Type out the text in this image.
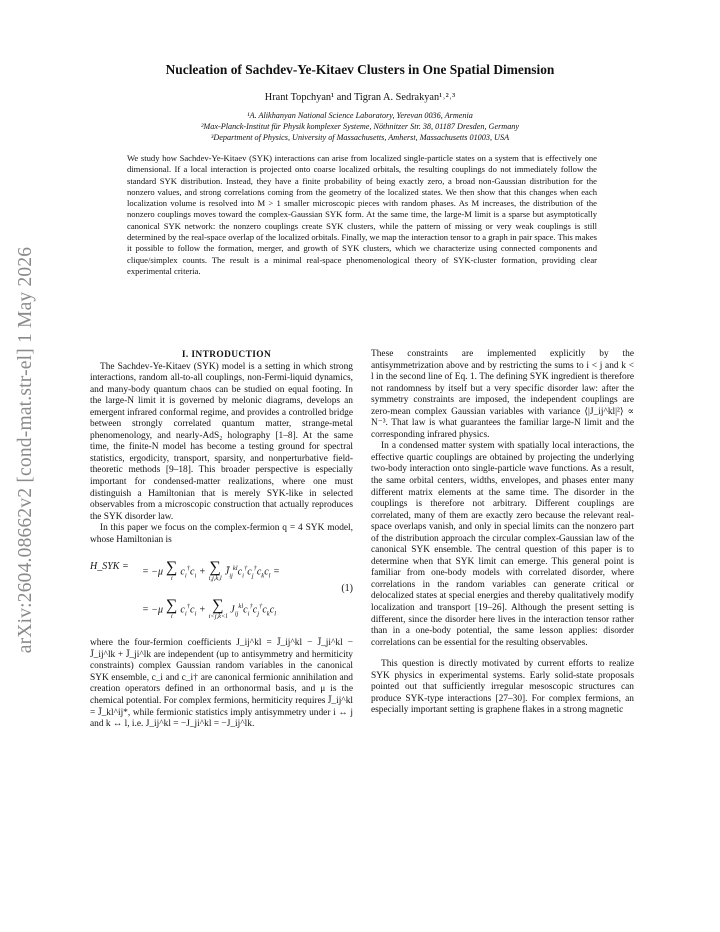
arXiv:2604.08662v2 [cond-mat.str-el] 1 May 2026
Nucleation of Sachdev-Ye-Kitaev Clusters in One Spatial Dimension
Hrant Topchyan¹ and Tigran A. Sedrakyan¹˒²˒³
¹A. Alikhanyan National Science Laboratory, Yerevan 0036, Armenia
²Max-Planck-Institut für Physik komplexer Systeme, Nöthnitzer Str. 38, 01187 Dresden, Germany
³Department of Physics, University of Massachusetts, Amherst, Massachusetts 01003, USA
We study how Sachdev-Ye-Kitaev (SYK) interactions can arise from localized single-particle states on a system that is effectively one dimensional. If a local interaction is projected onto coarse localized orbitals, the resulting couplings do not immediately follow the standard SYK distribution. Instead, they have a finite probability of being exactly zero, a broad non-Gaussian distribution for the nonzero values, and strong correlations coming from the geometry of the localized states. We then show that this changes when each localization volume is resolved into M > 1 smaller microscopic pieces with random phases. As M increases, the distribution of the nonzero couplings moves toward the complex-Gaussian SYK form. At the same time, the large-M limit is a sparse but asymptotically canonical SYK network: the nonzero couplings create SYK clusters, while the pattern of missing or very weak couplings is still determined by the real-space overlap of the localized orbitals. Finally, we map the interaction tensor to a graph in pair space. This makes it possible to follow the formation, merger, and growth of SYK clusters, which we characterize using connected components and clique/simplex counts. The result is a minimal real-space phenomenological theory of SYK-cluster formation, providing clear experimental criteria.

I. INTRODUCTION

The Sachdev-Ye-Kitaev (SYK) model is a setting in which strong interactions, random all-to-all couplings, non-Fermi-liquid dynamics, and many-body quantum chaos can be studied on equal footing. In the large-N limit it is governed by melonic diagrams, develops an emergent infrared conformal regime, and provides a controlled bridge between strongly correlated quantum matter, strange-metal phenomenology, and nearly-AdS₂ holography [1–8]. At the same time, the finite-N model has become a testing ground for spectral statistics, ergodicity, transport, sparsity, and nonperturbative field-theoretic methods [9–18]. This broader perspective is especially important for condensed-matter realizations, where one must distinguish a Hamiltonian that is merely SYK-like in selected observables from a microscopic construction that actually reproduces the SYK disorder law.

In this paper we focus on the complex-fermion q = 4 SYK model, whose Hamiltonian is

H_SYK = = −μ ∑
i
$c_i^\dagger c_i$ + ∑
i,j,k,l
$J̄_{ij}^{kl}c_i^\dagger c_j^\dagger c_kc_l$ =
= −μ ∑
i
$c_i^\dagger c_i$ + ∑
i<j,k<l
$J_{ij}^{kl}c_i^\dagger c_j^\dagger c_kc_l$
(1)

where the four-fermion coefficients J_ij^kl = J̄_ij^kl − J̄_ji^kl − J̄_ij^lk + J̄_ji^lk are independent (up to antisymmetry and hermiticity constraints) complex Gaussian random variables in the canonical SYK ensemble, c_i and c_i† are canonical fermionic annihilation and creation operators defined in an orthonormal basis, and μ is the chemical potential. For complex fermions, hermiticity requires J̄_ij^kl = J̄_kl^ij*, while fermionic statistics imply antisymmetry under i ↔ j and k ↔ l, i.e. J_ij^kl = −J_ji^kl = −J_ij^lk.

These constraints are implemented explicitly by the antisymmetrization above and by restricting the sums to i < j and k < l in the second line of Eq. 1. The defining SYK ingredient is therefore not randomness by itself but a very specific disorder law: after the symmetry constraints are imposed, the independent couplings are zero-mean complex Gaussian variables with variance ⟨|J_ij^kl|²⟩ ∝ N⁻³. That law is what guarantees the familiar large-N limit and the corresponding infrared physics.

In a condensed matter system with spatially local interactions, the effective quartic couplings are obtained by projecting the underlying two-body interaction onto single-particle wave functions. As a result, the same orbital centers, widths, envelopes, and phases enter many different matrix elements at the same time. The disorder in the couplings is therefore not arbitrary. Different couplings are correlated, many of them are exactly zero because the relevant real-space overlaps vanish, and only in special limits can the nonzero part of the distribution approach the circular complex-Gaussian law of the canonical SYK ensemble. The central question of this paper is to determine when that SYK limit can emerge. This general point is familiar from one-body models with correlated disorder, where correlations in the random variables can generate critical or delocalized states at special energies and thereby qualitatively modify localization and transport [19–26]. Although the present setting is different, since the disorder here lives in the interaction tensor rather than in a one-body potential, the same lesson applies: disorder correlations can be essential for the resulting observables.

This question is directly motivated by current efforts to realize SYK physics in experimental systems. Early solid-state proposals pointed out that sufficiently irregular mesoscopic structures can produce SYK-type interactions [27–30]. For complex fermions, an especially important setting is graphene flakes in a strong magnetic
